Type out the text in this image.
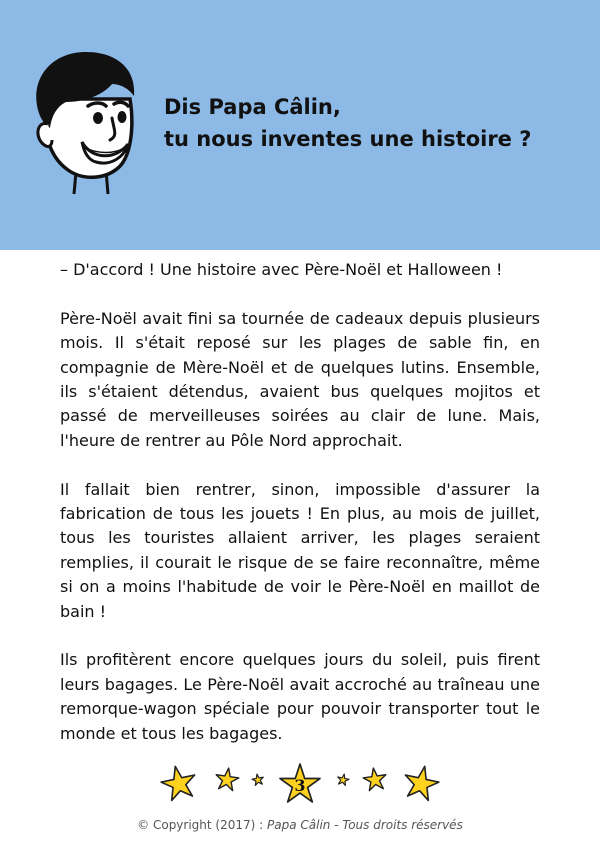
Dis Papa Câlin,
tu nous inventes une histoire ?

– D'accord ! Une histoire avec Père-Noël et Halloween !

Père-Noël avait fini sa tournée de cadeaux depuis plusieurs mois. Il s'était reposé sur les plages de sable fin, en compagnie de Mère-Noël et de quelques lutins. Ensemble, ils s'étaient détendus, avaient bus quelques mojitos et passé de merveilleuses soirées au clair de lune. Mais, l'heure de rentrer au Pôle Nord approchait.

Il fallait bien rentrer, sinon, impossible d'assurer la fabrication de tous les jouets ! En plus, au mois de juillet, tous les touristes allaient arriver, les plages seraient remplies, il courait le risque de se faire reconnaître, même si on a moins l'habitude de voir le Père-Noël en maillot de bain !

Ils profitèrent encore quelques jours du soleil, puis firent leurs bagages. Le Père-Noël avait accroché au traîneau une remorque-wagon spéciale pour pouvoir transporter tout le monde et tous les bagages.

3
© Copyright (2017) : Papa Câlin - Tous droits réservés
